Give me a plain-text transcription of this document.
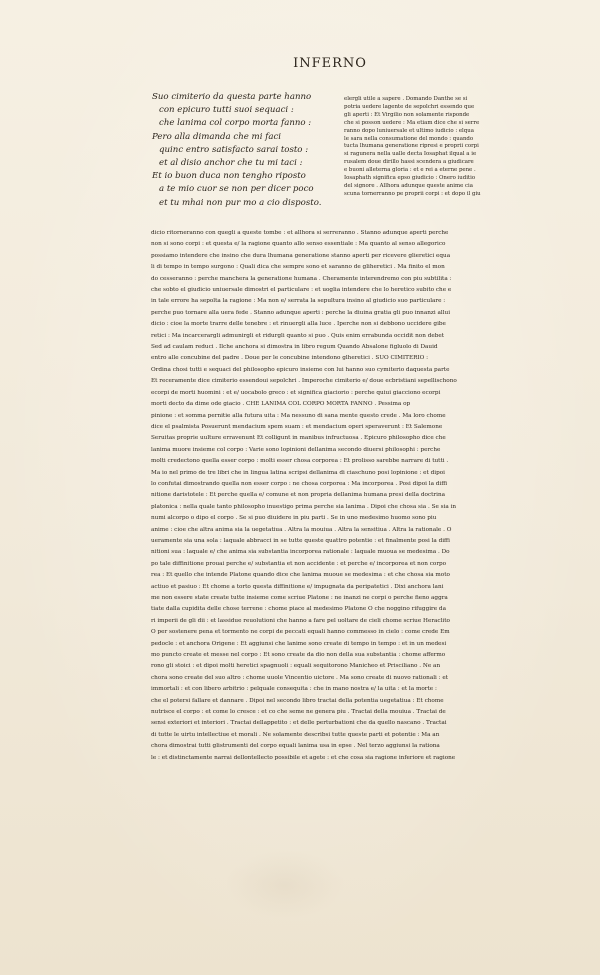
INFERNO
Suo cimiterio da questa parte hanno
con epicuro tutti suoi sequaci :
che lanima col corpo morta fanno :
Pero alla dimanda che mi faci
quinc entro satisfacto sarai tosto :
et al disio anchor che tu mi taci :
Et io buon duca non tengho riposto
a te mio cuor se non per dicer poco
et tu mhai non pur mo a cio disposto.
elergli utile a sapere . Domando Danthe se si
potria uedere lagente de sepolchri essendo que
gli aperti : Et Virgilio non solamente risponde
che si posson uedere : Ma etiam dice che si serre
ranno dopo luniuersale et ultimo iudicio : elqua
le sara nella consumatione del mondo : quando
tucta lhumana generatione ripresi e proprii corpi
si ragunera nella ualle decta Iosaphat ilqual a ie
rusalem doue dirillo hassi scendera a giudicare
e buoni alleterna gloria : et e rei a eterne pene .
Iosaphath significa epso giudicio : Onero iuditio
del signore . Allhora adunque queste anime cia
scuna tornerranno pe proprii corpi : et dopo il giu
dicio ritorneranno con quegli a queste tombe : et allhora si serreranno . Stanno adunque aperti perche
non si sono corpi : et questa e/ la ragione quanto allo senso essentiale : Ma quanto al senso allegorico
possiamo intendere che insino che dura lhumana generatione stanno aperti per ricevere glieretici equa
li di tempo in tempo surgono : Quali dica che sempre sono et saranno de gliheretici . Ma finito el mon
do cesseranno : perche manchera la generatione humana . Cheramente interendremo con piu subtilita :
che sobto el giudicio uniuersale dimostri el particulare : et uoglia intendere che lo heretico subito che e
in tale errore ha sepolta la ragione : Ma non e/ serrata la sepultura insino al giudicio suo particulare :
perche puo tornare alla uera fede . Stanno adunque aperti : perche la diuina gratia gli puo innanzi allui
dicio : cioe la morte trarre delle tenebre : et rinuergli alla luce . Iperche non si debbono uccidere gibe
retici : Ma incarcerargli admunirgli et ridurgli quanto si puo . Quis enim errabunda occidit non debet
Sed ad caulam reduci . Ilche anchora si dimostra in libro regum Quando Absalone figluolo di Dauid
entro alle concubine del padre . Doue per le concubine intendono glheretici . SUO CIMITERIO :
Ordina chosi tutti e sequaci del philosopho epicuro insieme con lui hanno suo cymiterio daquesta parte
Et receramente dice cimiterio essendoui sepolchri . Imperoche cimiterio e/ doue ecbristiani sepellischono
ecorpi de morti huomini : et e/ uocabolo greco : et significa giaciorio : perche quiui giacciono ecorpi
morti decto da dime ode giacio . CHE LANIMA COL CORPO MORTA FANNO . Pessima op
pinione : et somma pernitie alla futura uita : Ma nessuno di sana mente questo crede . Ma loro chome
dice el psalmista Posuerunt mendacium spem suam : et mendacium operi speraverunt : Et Salemone
Seruitas proprie uulture erravenunt Et colligunt in manibus infructuosa . Epicuro philosopho dice che
lanima muore insieme col corpo : Varie sono lopinioni dellanima secondo diuersi philosophi : perche
molti credectono quella esser corpo : molti esser chosa corporea : Et prolisso sarebbe narrare di tutti .
Ma io nel primo de tre libri che in lingua latina scripsi dellanima di ciaschuno posi lopinione : et dipoi
lo confutai dimostrando quella non esser corpo : ne chosa corporea : Ma incorporea . Posi dipoi la diffi
nitione daristotele : Et perche quella e/ comune et non propria dellanima humana presi della doctrina
platonica : nella quale tanto philosopho inuestigo prima perche sia lanima . Dipoi che chosa sia . Se sia in
numi alcorpo o dipo el corpo . Se si puo diuidere in piu parti . Se in uno medesimo huomo sono piu
anime : cioe che altra anima sia la uegetatiua . Altra la mouiua . Altra la sensitiua . Altra la rationale . O
ueramente sia una sola : laquale abbracci in se tutte queste quattro potentie : et finalmente posi la diffi
nitioni sua : laquale e/ che anima sia substantia incorporea rationale : laquale muoua se medesima . Do
po tale diffinitione prouai perche e/ substantia et non accidente : et perche e/ incorporea et non corpo
rea : Et quello che intende Platone quando dice che lanima muoue se medesima : et che chosa sia moto
actiuo et pasiuo : Et chome a torto questa diffinitione e/ impugnata da peripatetici . Dixi anchora lani
me non essere state create tutte insieme come scriue Platone : ne inanzi ne corpi o perche fieno aggra
tiate dalla cupidita delle chose terrene : chome piace al medesimo Platone O che noggino rifuggire da
ri imperii de gli dii : et lassidue reuolutioni che hanno a fare pel uoltare de cieli chome scriue Heraclito
O per sostenere pena et tormento ne corpi de peccati equali hanno commesso in cielo : come crede Em
pedocle : et anchora Origene : Et aggiunsi che lanime sono create di tempo in tempo : et in un medesi
mo puncto create et messe nel corpo : Et sono create da dio non della sua substantia : chome affermo
rono gli stoici : et dipoi molti heretici spagnuoli : equali sequitorono Manicheo et Prisciliano . Ne an
chora sono create del suo altro : chome uuole Vincentio uictore . Ma sono create di nuovo rationali : et
immortali : et con libero arbitrio : pelquale consequita : che in mano nostra e/ la uita : et la morte :
che el potersi fallare et dannare . Dipoi nel secondo libro tractai della potentia uegetatiua : Et chome
nutrisce el corpo : et come lo cresce : et co che seme ne genera piu . Tractai della mouiua . Tractai de
sensi exteriori et interiori . Tractai dellappetito : et delle perturbationi che da quello nascano . Tractai
di tutte le uirtu intellectiue et morali . Ne solamente describsi tutte queste parti et potentie : Ma an
chora dimostrai tutti glistrumenti del corpo equali lanima usa in epse . Nel terzo aggiunsi la rationa
le : et distinctamente narrai dellontellecto possibile et agete : et che cosa sia ragione inferiore et ragione
